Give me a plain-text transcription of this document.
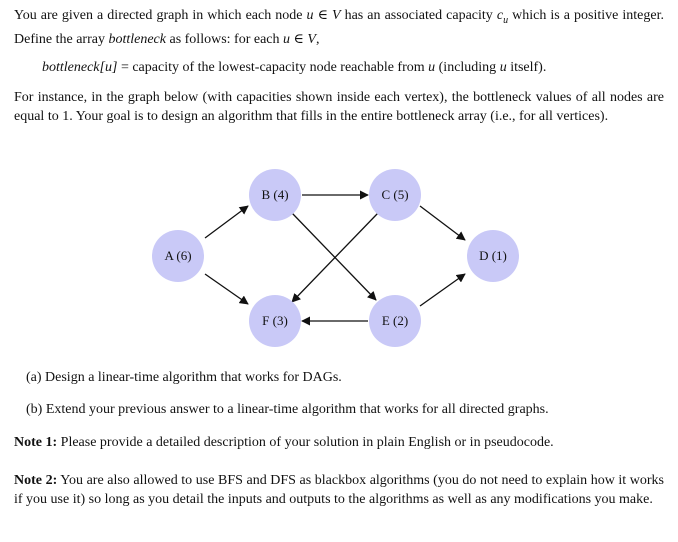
You are given a directed graph in which each node u ∈ V has an associated capacity $c_u$ which is a positive integer. Define the array bottleneck as follows: for each u ∈ V,
bottleneck[u] = capacity of the lowest-capacity node reachable from u (including u itself).
For instance, in the graph below (with capacities shown inside each vertex), the bottleneck values of all nodes are equal to 1. Your goal is to design an algorithm that fills in the entire bottleneck array (i.e., for all vertices).
A (6)
B (4)	C (5)
F (3)	E (2)
D (1)
(a) Design a linear-time algorithm that works for DAGs.
(b) Extend your previous answer to a linear-time algorithm that works for all directed graphs.
Note 1: Please provide a detailed description of your solution in plain English or in pseudocode.
Note 2: You are also allowed to use BFS and DFS as blackbox algorithms (you do not need to explain how it works if you use it) so long as you detail the inputs and outputs to the algorithms as well as any modifications you make.
